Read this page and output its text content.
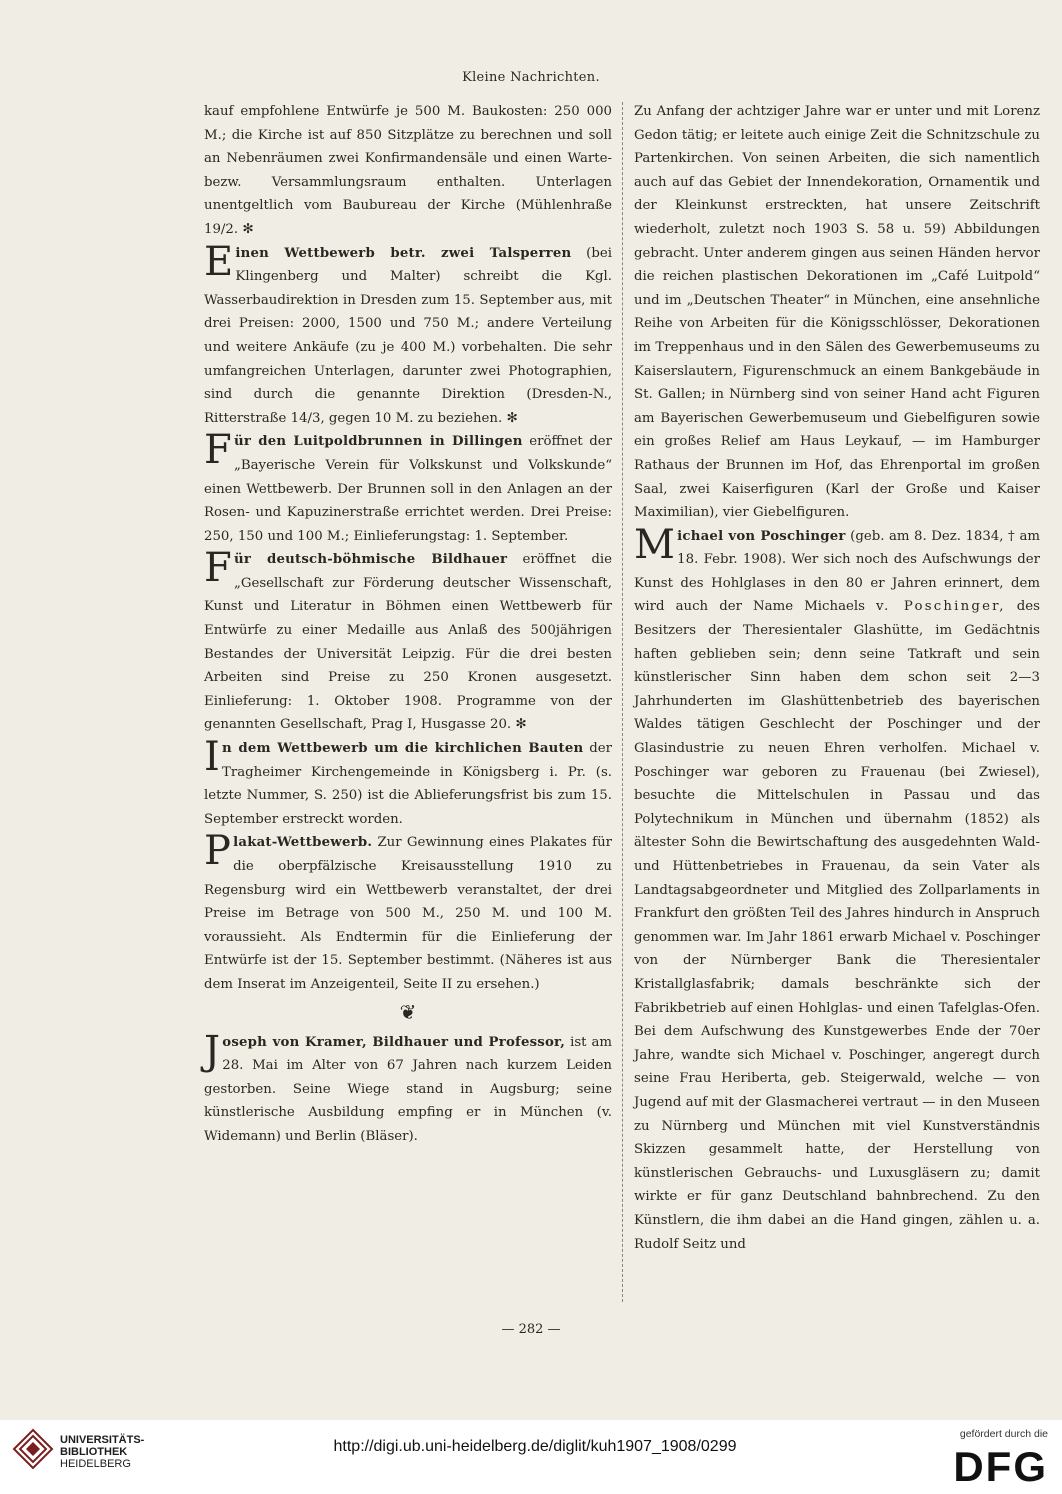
Kleine Nachrichten.

kauf empfohlene Entwürfe je 500 M. Baukosten: 250 000 M.; die Kirche ist auf 850 Sitzplätze zu berechnen und soll an Nebenräumen zwei Konfirmandensäle und einen Warte- bezw. Versammlungsraum enthalten. Unterlagen unentgeltlich vom Baubureau der Kirche (Mühlenhraße 19/2. ✻

Einen Wettbewerb betr. zwei Talsperren (bei Klingenberg und Malter) schreibt die Kgl. Wasserbaudirektion in Dresden zum 15. September aus, mit drei Preisen: 2000, 1500 und 750 M.; andere Verteilung und weitere Ankäufe (zu je 400 M.) vorbehalten. Die sehr umfangreichen Unterlagen, darunter zwei Photographien, sind durch die genannte Direktion (Dresden-N., Ritterstraße 14/3, gegen 10 M. zu beziehen. ✻

Für den Luitpoldbrunnen in Dillingen eröffnet der „Bayerische Verein für Volkskunst und Volkskunde“ einen Wettbewerb. Der Brunnen soll in den Anlagen an der Rosen- und Kapuzinerstraße errichtet werden. Drei Preise: 250, 150 und 100 M.; Einlieferungstag: 1. September.

Für deutsch-böhmische Bildhauer eröffnet die „Gesellschaft zur Förderung deutscher Wissenschaft, Kunst und Literatur in Böhmen einen Wettbewerb für Entwürfe zu einer Medaille aus Anlaß des 500jährigen Bestandes der Universität Leipzig. Für die drei besten Arbeiten sind Preise zu 250 Kronen ausgesetzt. Einlieferung: 1. Oktober 1908. Programme von der genannten Gesellschaft, Prag I, Husgasse 20. ✻

In dem Wettbewerb um die kirchlichen Bauten der Tragheimer Kirchengemeinde in Königsberg i. Pr. (s. letzte Nummer, S. 250) ist die Ablieferungsfrist bis zum 15. September erstreckt worden.

Plakat-Wettbewerb. Zur Gewinnung eines Plakates für die oberpfälzische Kreisausstellung 1910 zu Regensburg wird ein Wettbewerb veranstaltet, der drei Preise im Betrage von 500 M., 250 M. und 100 M. voraussieht. Als Endtermin für die Einlieferung der Entwürfe ist der 15. September bestimmt. (Näheres ist aus dem Inserat im Anzeigenteil, Seite II zu ersehen.)

❦

Joseph von Kramer, Bildhauer und Professor, ist am 28. Mai im Alter von 67 Jahren nach kurzem Leiden gestorben. Seine Wiege stand in Augsburg; seine künstlerische Ausbildung empfing er in München (v. Widemann) und Berlin (Bläser).

Zu Anfang der achtziger Jahre war er unter und mit Lorenz Gedon tätig; er leitete auch einige Zeit die Schnitzschule zu Partenkirchen. Von seinen Arbeiten, die sich namentlich auch auf das Gebiet der Innendekoration, Ornamentik und der Kleinkunst erstreckten, hat unsere Zeitschrift wiederholt, zuletzt noch 1903 S. 58 u. 59) Abbildungen gebracht. Unter anderem gingen aus seinen Händen hervor die reichen plastischen Dekorationen im „Café Luitpold“ und im „Deutschen Theater“ in München, eine ansehnliche Reihe von Arbeiten für die Königsschlösser, Dekorationen im Treppenhaus und in den Sälen des Gewerbemuseums zu Kaiserslautern, Figurenschmuck an einem Bankgebäude in St. Gallen; in Nürnberg sind von seiner Hand acht Figuren am Bayerischen Gewerbemuseum und Giebelfiguren sowie ein großes Relief am Haus Leykauf, — im Hamburger Rathaus der Brunnen im Hof, das Ehrenportal im großen Saal, zwei Kaiserfiguren (Karl der Große und Kaiser Maximilian), vier Giebelfiguren.

Michael von Poschinger (geb. am 8. Dez. 1834, † am 18. Febr. 1908). Wer sich noch des Aufschwungs der Kunst des Hohlglases in den 80 er Jahren erinnert, dem wird auch der Name Michaels v. Poschinger, des Besitzers der Theresientaler Glashütte, im Gedächtnis haften geblieben sein; denn seine Tatkraft und sein künstlerischer Sinn haben dem schon seit 2—3 Jahrhunderten im Glashüttenbetrieb des bayerischen Waldes tätigen Geschlecht der Poschinger und der Glasindustrie zu neuen Ehren verholfen. Michael v. Poschinger war geboren zu Frauenau (bei Zwiesel), besuchte die Mittelschulen in Passau und das Polytechnikum in München und übernahm (1852) als ältester Sohn die Bewirtschaftung des ausgedehnten Wald- und Hüttenbetriebes in Frauenau, da sein Vater als Landtagsabgeordneter und Mitglied des Zollparlaments in Frankfurt den größten Teil des Jahres hindurch in Anspruch genommen war. Im Jahr 1861 erwarb Michael v. Poschinger von der Nürnberger Bank die Theresientaler Kristallglasfabrik; damals beschränkte sich der Fabrikbetrieb auf einen Hohlglas- und einen Tafelglas-Ofen. Bei dem Aufschwung des Kunstgewerbes Ende der 70er Jahre, wandte sich Michael v. Poschinger, angeregt durch seine Frau Heriberta, geb. Steigerwald, welche — von Jugend auf mit der Glasmacherei vertraut — in den Museen zu Nürnberg und München mit viel Kunstverständnis Skizzen gesammelt hatte, der Herstellung von künstlerischen Gebrauchs- und Luxusgläsern zu; damit wirkte er für ganz Deutschland bahnbrechend. Zu den Künstlern, die ihm dabei an die Hand gingen, zählen u. a. Rudolf Seitz und

— 282 —
UNIVERSITÄTS-
BIBLIOTHEK
HEIDELBERG
http://digi.ub.uni-heidelberg.de/diglit/kuh1907_1908/0299
gefördert durch die
DFG
